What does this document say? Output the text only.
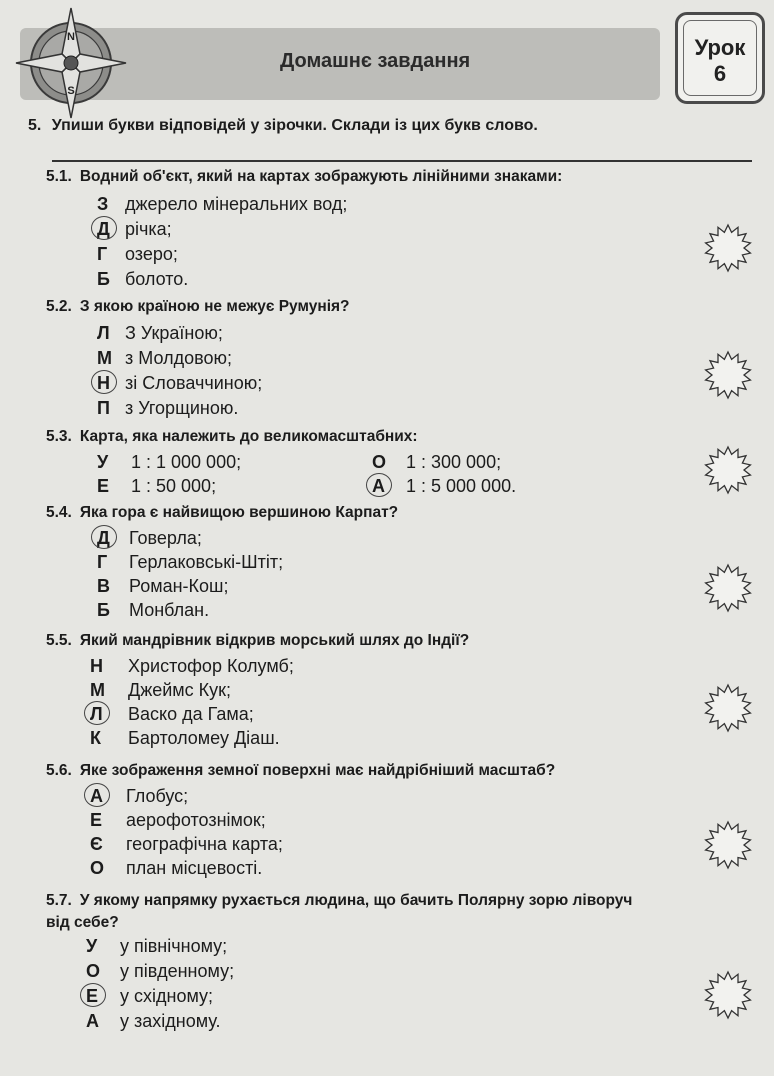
N
S
Домашнє завдання
Урок
6
5. Упиши букви відповідей у зірочки. Склади із цих букв слово.
5.1. Водний об'єкт, який на картах зображують лінійними знаками:
З джерело мінеральних вод;
Д річка;
Г озеро;
Б болото.
5.2. З якою країною не межує Румунія?
Л З Україною;
М з Молдовою;
Н зі Словаччиною;
П з Угорщиною.
5.3. Карта, яка належить до великомасштабних:
У 1 : 1 000 000;	О 1 : 300 000;
Е 1 : 50 000;	А 1 : 5 000 000.
5.4. Яка гора є найвищою вершиною Карпат?
Д Говерла;
Г Герлаковські-Штіт;
В Роман-Кош;
Б Монблан.
5.5. Який мандрівник відкрив морський шлях до Індії?
Н Христофор Колумб;
М Джеймс Кук;
Л Васко да Гама;
К Бартоломеу Діаш.
5.6. Яке зображення земної поверхні має найдрібніший масштаб?
А Глобус;
Е аерофотознімок;
Є географічна карта;
О план місцевості.
5.7. У якому напрямку рухається людина, що бачить Полярну зорю ліворуч
від себе?
У у північному;
О у південному;
Е у східному;
А у західному.
